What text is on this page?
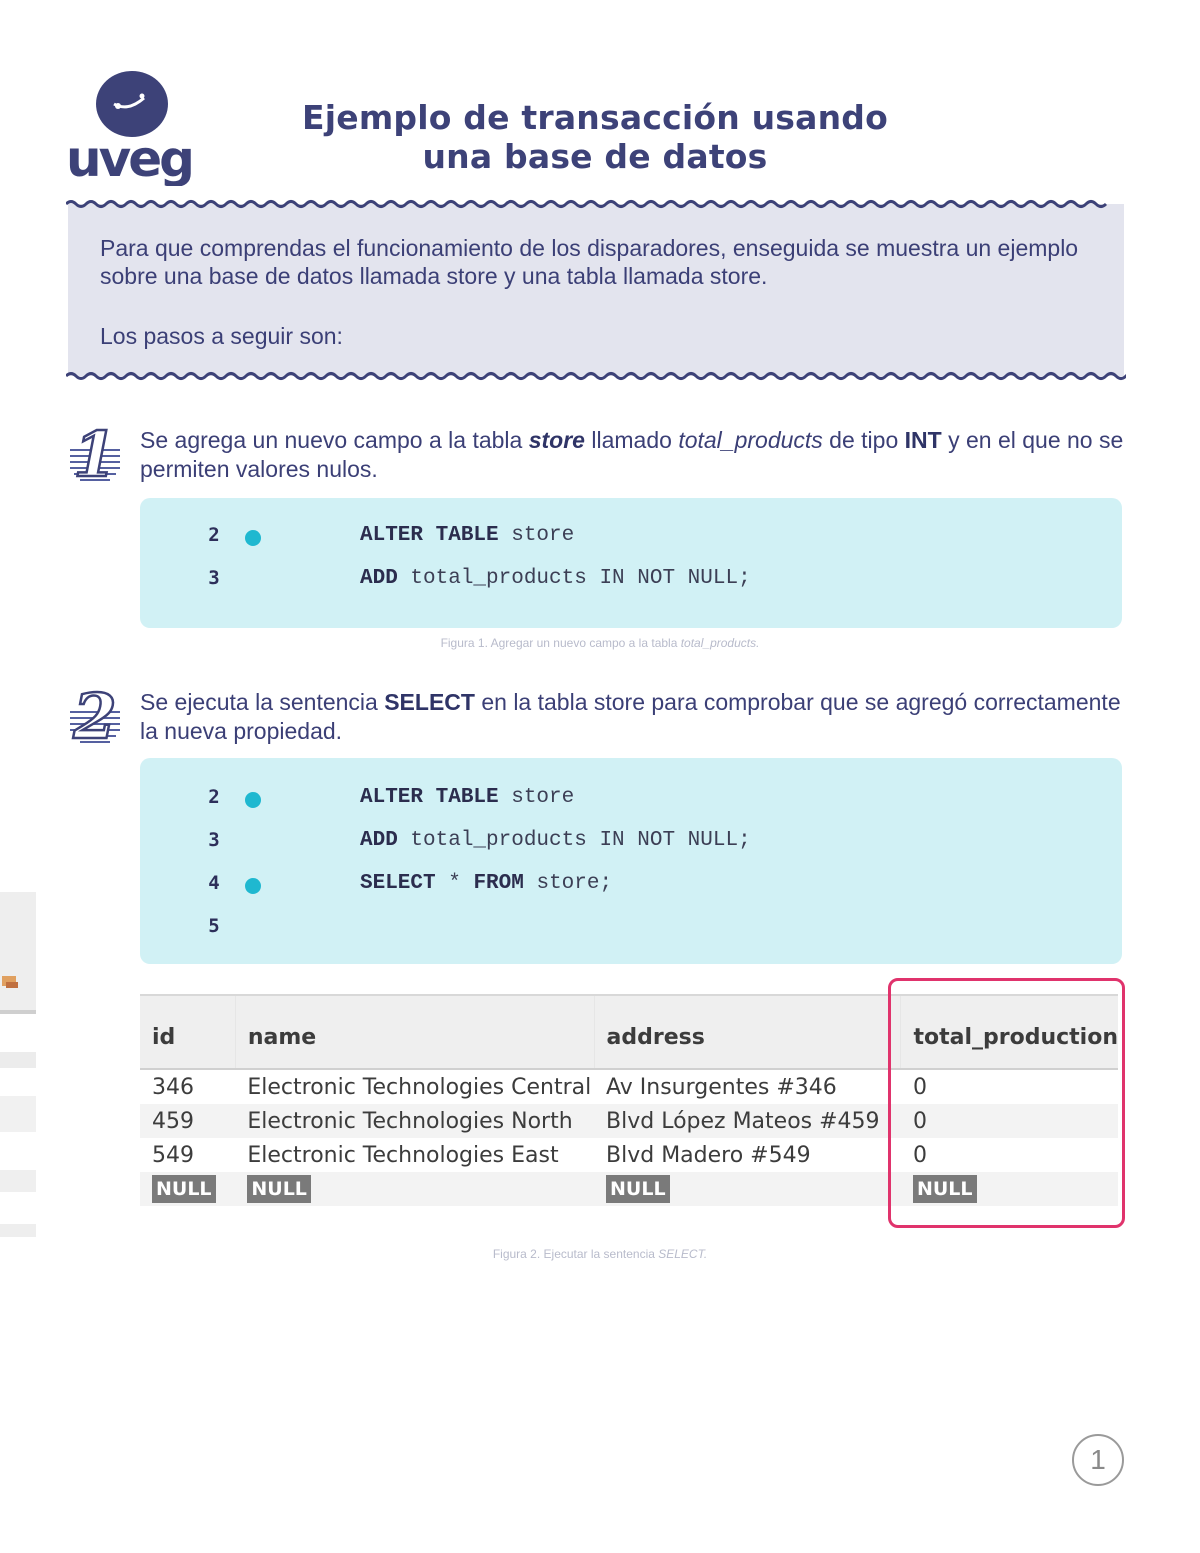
uveg
Ejemplo de transacción usando
una base de datos

Para que comprendas el funcionamiento de los disparadores, enseguida se muestra un ejemplo sobre una base de datos llamada store y una tabla llamada store.

Los pasos a seguir son:

1 Se agrega un nuevo campo a la tabla store llamado total_products de tipo INT y en el que no se permiten valores nulos.
2	ALTER TABLE store
3	ADD total_products IN NOT NULL;
Figura 1. Agregar un nuevo campo a la tabla total_products.
2 Se ejecuta la sentencia SELECT en la tabla store para comprobar que se agregó correctamente la nueva propiedad.
2	ALTER TABLE store
3	ADD total_products IN NOT NULL;
4	SELECT * FROM store;
5
id	name	address	total_production
346	Electronic Technologies Central	Av Insurgentes #346	0
459	Electronic Technologies North	Blvd López Mateos #459	0
549	Electronic Technologies East	Blvd Madero #549	0
NULL	NULL	NULL	NULL
Figura 2. Ejecutar la sentencia SELECT.
1
